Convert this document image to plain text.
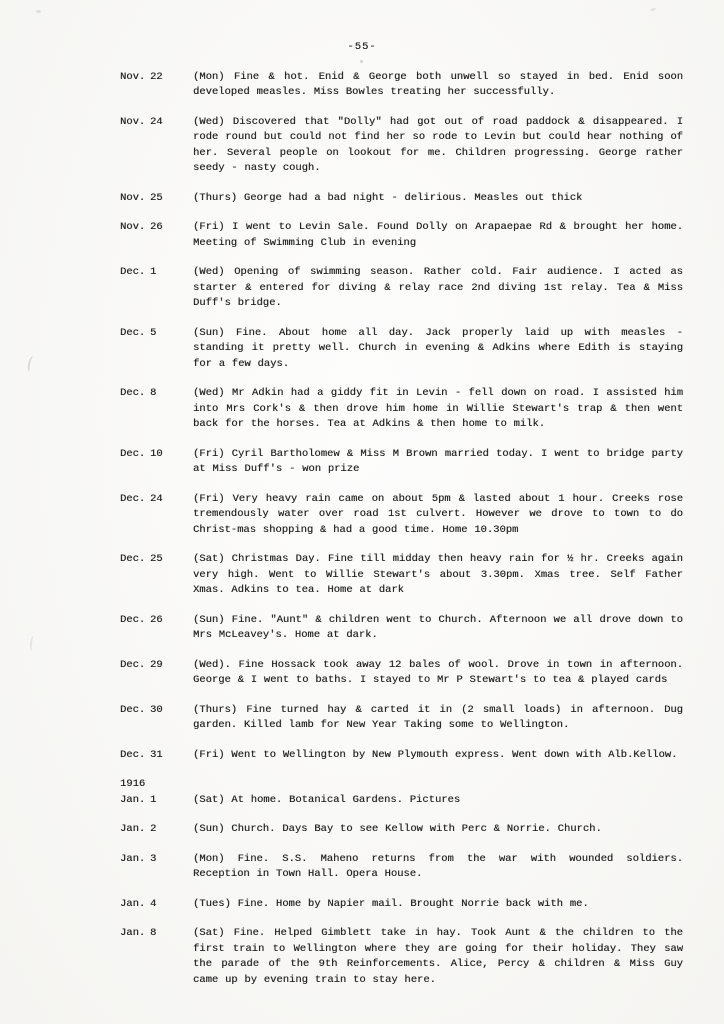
-55-
Nov. 22	(Mon) Fine & hot. Enid & George both unwell so stayed in bed. Enid soon developed measles. Miss Bowles treating her successfully.

Nov. 24	(Wed) Discovered that "Dolly" had got out of road paddock & disappeared. I rode round but could not find her so rode to Levin but could hear nothing of her. Several people on lookout for me. Children progressing. George rather seedy - nasty cough.

Nov. 25	(Thurs) George had a bad night - delirious. Measles out thick

Nov. 26	(Fri) I went to Levin Sale. Found Dolly on Arapaepae Rd & brought her home. Meeting of Swimming Club in evening

Dec. 1	(Wed) Opening of swimming season. Rather cold. Fair audience. I acted as starter & entered for diving & relay race 2nd diving 1st relay. Tea & Miss Duff's bridge.

Dec. 5	(Sun) Fine. About home all day. Jack properly laid up with measles - standing it pretty well. Church in evening & Adkins where Edith is staying for a few days.

Dec. 8	(Wed) Mr Adkin had a giddy fit in Levin - fell down on road. I assisted him into Mrs Cork's & then drove him home in Willie Stewart's trap & then went back for the horses. Tea at Adkins & then home to milk.

Dec. 10	(Fri) Cyril Bartholomew & Miss M Brown married today. I went to bridge party at Miss Duff's - won prize

Dec. 24	(Fri) Very heavy rain came on about 5pm & lasted about 1 hour. Creeks rose tremendously water over road 1st culvert. However we drove to town to do Christ-mas shopping & had a good time. Home 10.30pm

Dec. 25	(Sat) Christmas Day. Fine till midday then heavy rain for ½ hr. Creeks again very high. Went to Willie Stewart's about 3.30pm. Xmas tree. Self Father Xmas. Adkins to tea. Home at dark

Dec. 26	(Sun) Fine. "Aunt" & children went to Church. Afternoon we all drove down to Mrs McLeavey's. Home at dark.

Dec. 29	(Wed). Fine Hossack took away 12 bales of wool. Drove in town in afternoon. George & I went to baths. I stayed to Mr P Stewart's to tea & played cards

Dec. 30	(Thurs) Fine turned hay & carted it in (2 small loads) in afternoon. Dug garden. Killed lamb for New Year Taking some to Wellington.

Dec. 31	(Fri) Went to Wellington by New Plymouth express. Went down with Alb.Kellow.

1916
Jan. 1	(Sat) At home. Botanical Gardens. Pictures

Jan. 2	(Sun) Church. Days Bay to see Kellow with Perc & Norrie. Church.

Jan. 3	(Mon) Fine. S.S. Maheno returns from the war with wounded soldiers. Reception in Town Hall. Opera House.

Jan. 4	(Tues) Fine. Home by Napier mail. Brought Norrie back with me.

Jan. 8	(Sat) Fine. Helped Gimblett take in hay. Took Aunt & the children to the first train to Wellington where they are going for their holiday. They saw the parade of the 9th Reinforcements. Alice, Percy & children & Miss Guy came up by evening train to stay here.
